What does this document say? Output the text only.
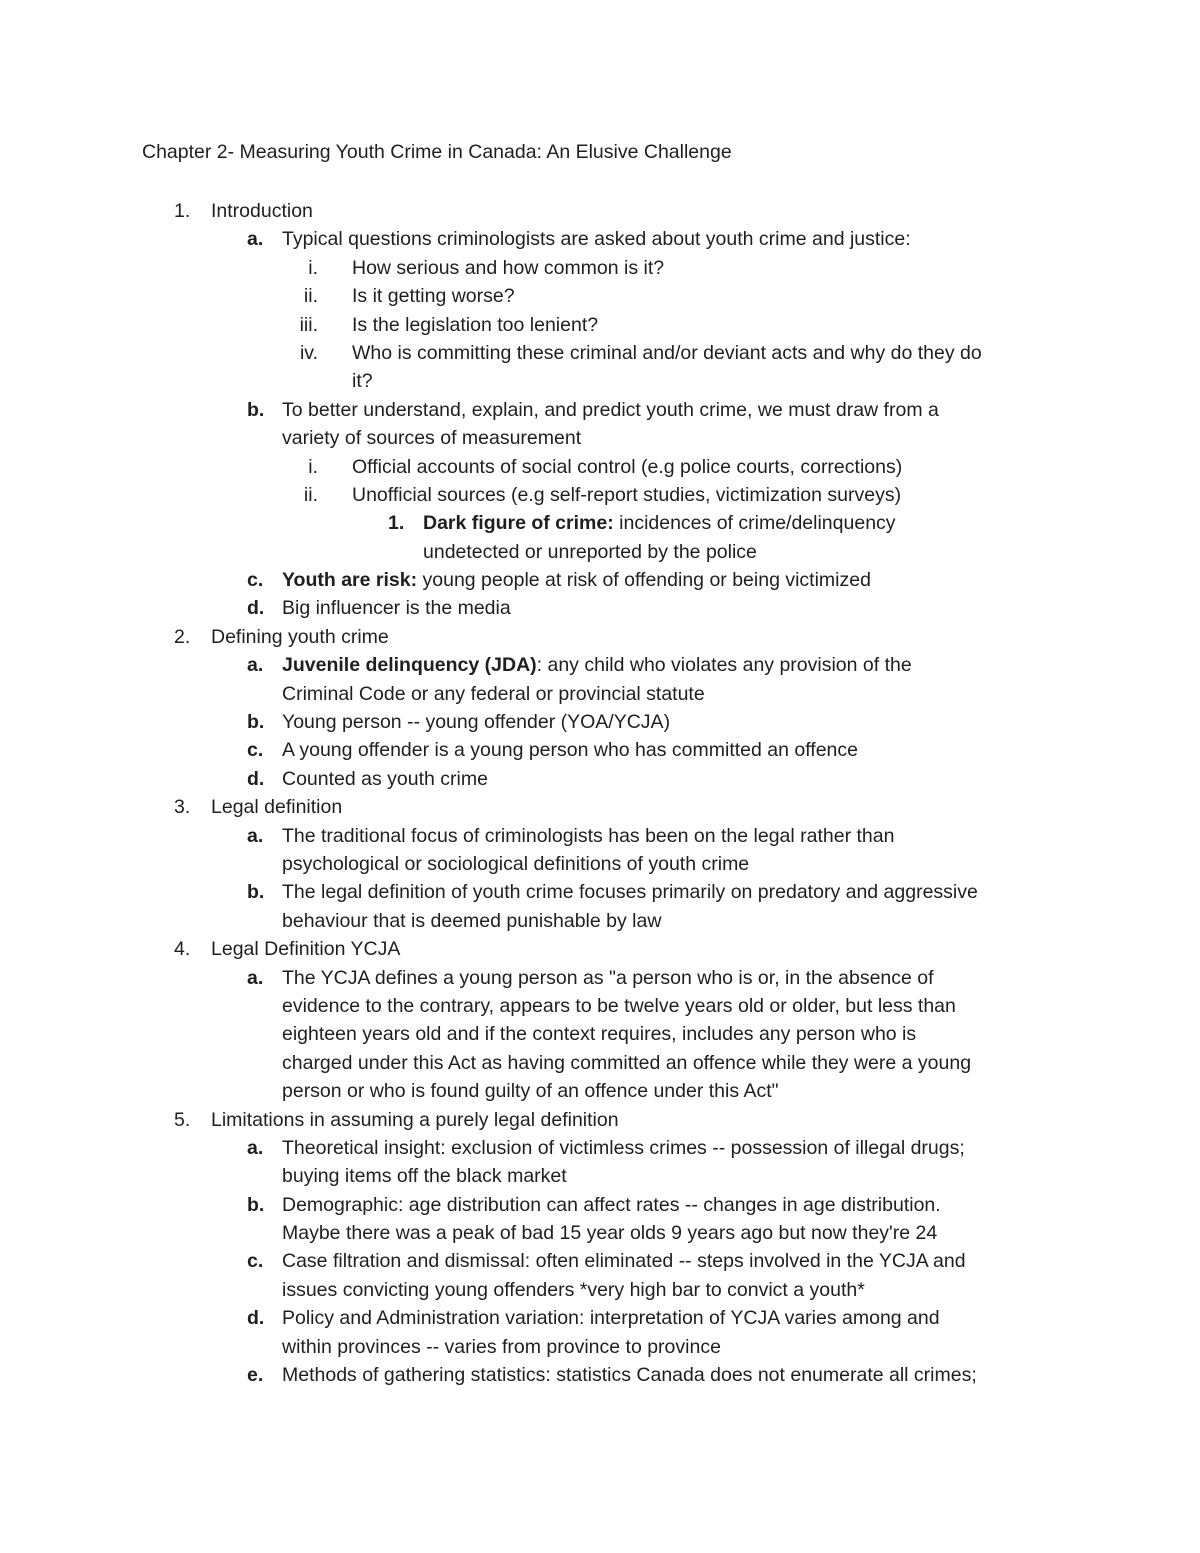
Chapter 2- Measuring Youth Crime in Canada: An Elusive Challenge
1. Introduction
a. Typical questions criminologists are asked about youth crime and justice:
i. How serious and how common is it?
ii. Is it getting worse?
iii. Is the legislation too lenient?
iv. Who is committing these criminal and/or deviant acts and why do they do
it?
b. To better understand, explain, and predict youth crime, we must draw from a
variety of sources of measurement
i. Official accounts of social control (e.g police courts, corrections)
ii. Unofficial sources (e.g self-report studies, victimization surveys)
1. Dark figure of crime: incidences of crime/delinquency
undetected or unreported by the police
c. Youth are risk: young people at risk of offending or being victimized
d. Big influencer is the media
2. Defining youth crime
a. Juvenile delinquency (JDA): any child who violates any provision of the
Criminal Code or any federal or provincial statute
b. Young person -- young offender (YOA/YCJA)
c. A young offender is a young person who has committed an offence
d. Counted as youth crime
3. Legal definition
a. The traditional focus of criminologists has been on the legal rather than
psychological or sociological definitions of youth crime
b. The legal definition of youth crime focuses primarily on predatory and aggressive
behaviour that is deemed punishable by law
4. Legal Definition YCJA
a. The YCJA defines a young person as "a person who is or, in the absence of
evidence to the contrary, appears to be twelve years old or older, but less than
eighteen years old and if the context requires, includes any person who is
charged under this Act as having committed an offence while they were a young
person or who is found guilty of an offence under this Act"
5. Limitations in assuming a purely legal definition
a. Theoretical insight: exclusion of victimless crimes -- possession of illegal drugs;
buying items off the black market
b. Demographic: age distribution can affect rates -- changes in age distribution.
Maybe there was a peak of bad 15 year olds 9 years ago but now they're 24
c. Case filtration and dismissal: often eliminated -- steps involved in the YCJA and
issues convicting young offenders *very high bar to convict a youth*
d. Policy and Administration variation: interpretation of YCJA varies among and
within provinces -- varies from province to province
e. Methods of gathering statistics: statistics Canada does not enumerate all crimes;
